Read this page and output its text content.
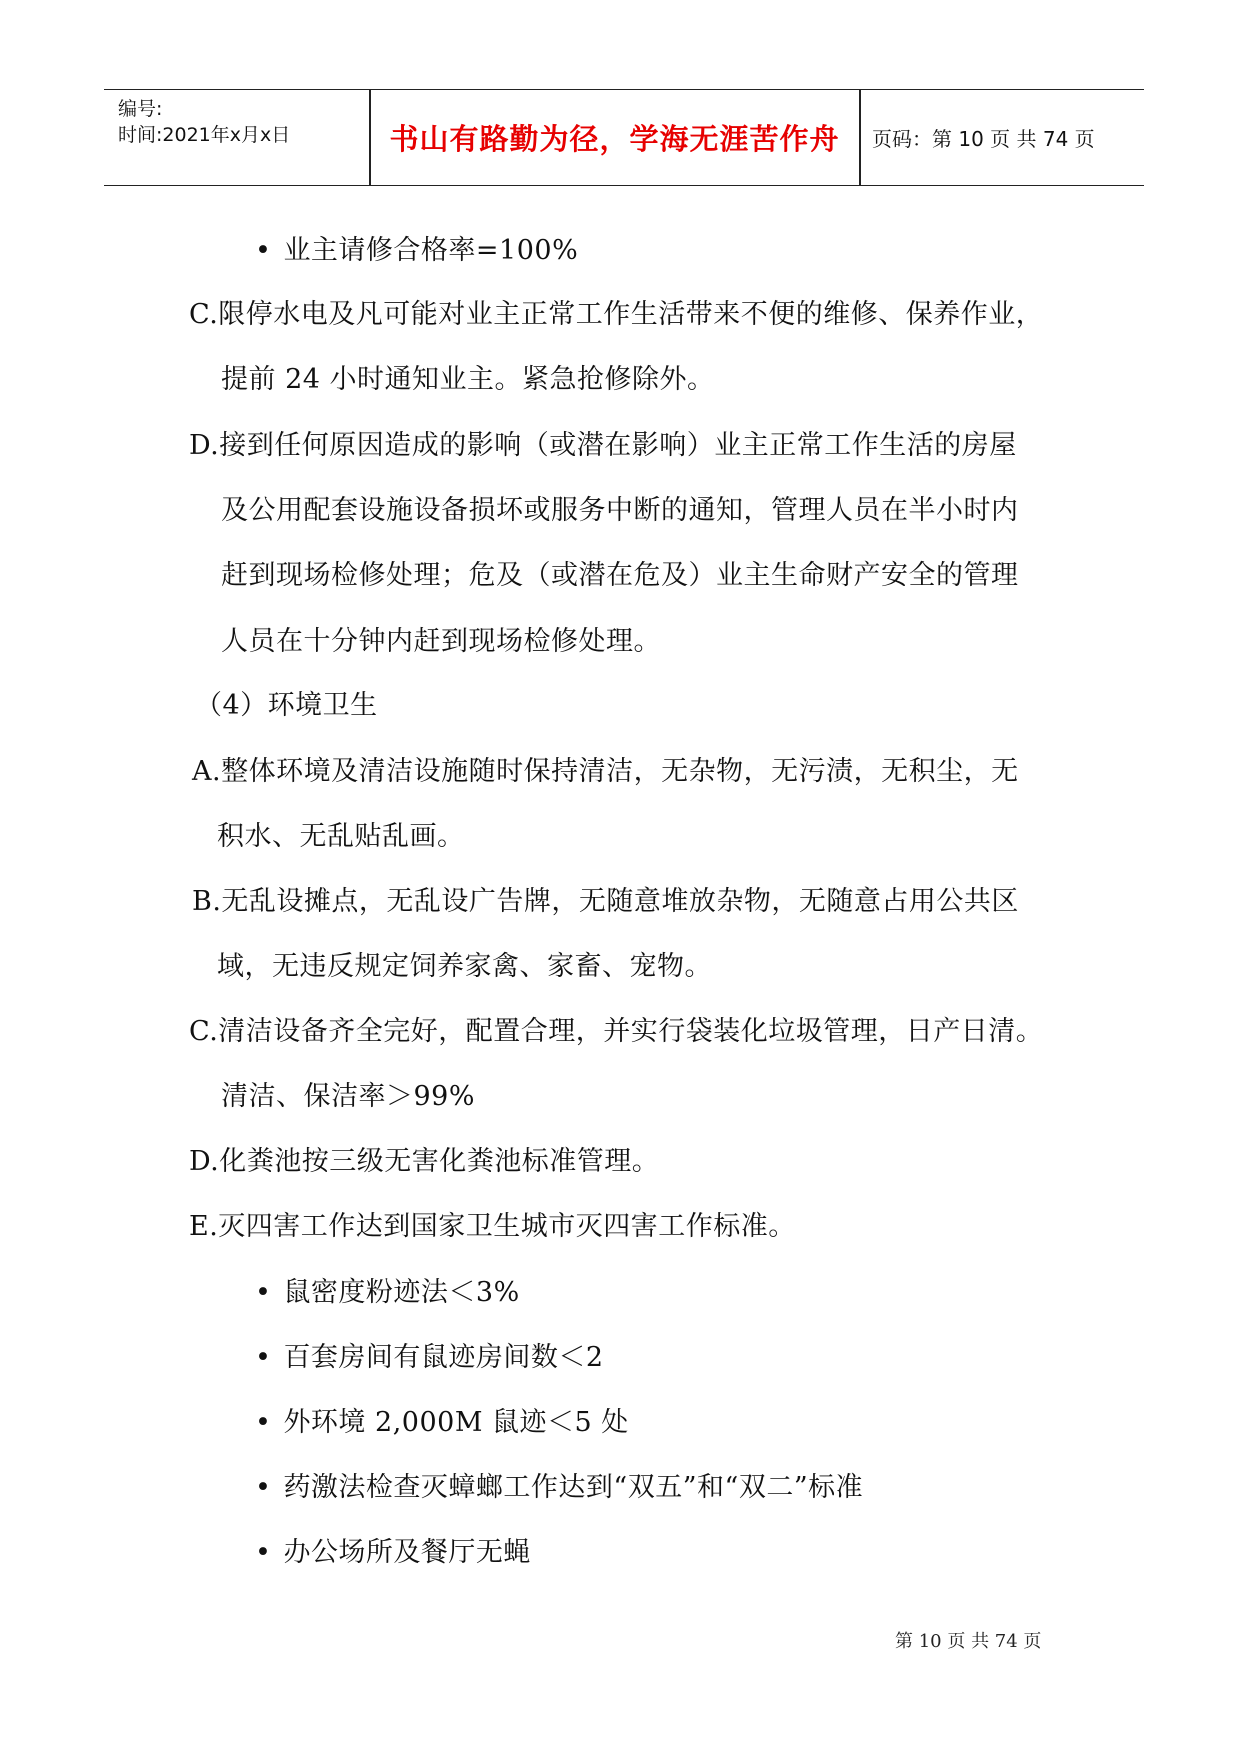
编号:
时间:2021年x月x日	书山有路勤为径，学海无涯苦作舟	页码：第 10 页 共 74 页
• 业主请修合格率=100%
C.限停水电及凡可能对业主正常工作生活带来不便的维修、保养作业，
提前 24 小时通知业主。紧急抢修除外。
D.接到任何原因造成的影响（或潜在影响）业主正常工作生活的房屋
及公用配套设施设备损坏或服务中断的通知，管理人员在半小时内
赶到现场检修处理；危及（或潜在危及）业主生命财产安全的管理
人员在十分钟内赶到现场检修处理。
（4）环境卫生
A.整体环境及清洁设施随时保持清洁，无杂物，无污渍，无积尘，无
积水、无乱贴乱画。
B.无乱设摊点，无乱设广告牌，无随意堆放杂物，无随意占用公共区
域，无违反规定饲养家禽、家畜、宠物。
C.清洁设备齐全完好，配置合理，并实行袋装化垃圾管理，日产日清。
清洁、保洁率＞99%
D.化粪池按三级无害化粪池标准管理。
E.灭四害工作达到国家卫生城市灭四害工作标准。
• 鼠密度粉迹法＜3%
• 百套房间有鼠迹房间数＜2
• 外环境 2,000M 鼠迹＜5 处
• 药激法检查灭蟑螂工作达到“双五”和“双二”标准
• 办公场所及餐厅无蝇
第 10 页 共 74 页
